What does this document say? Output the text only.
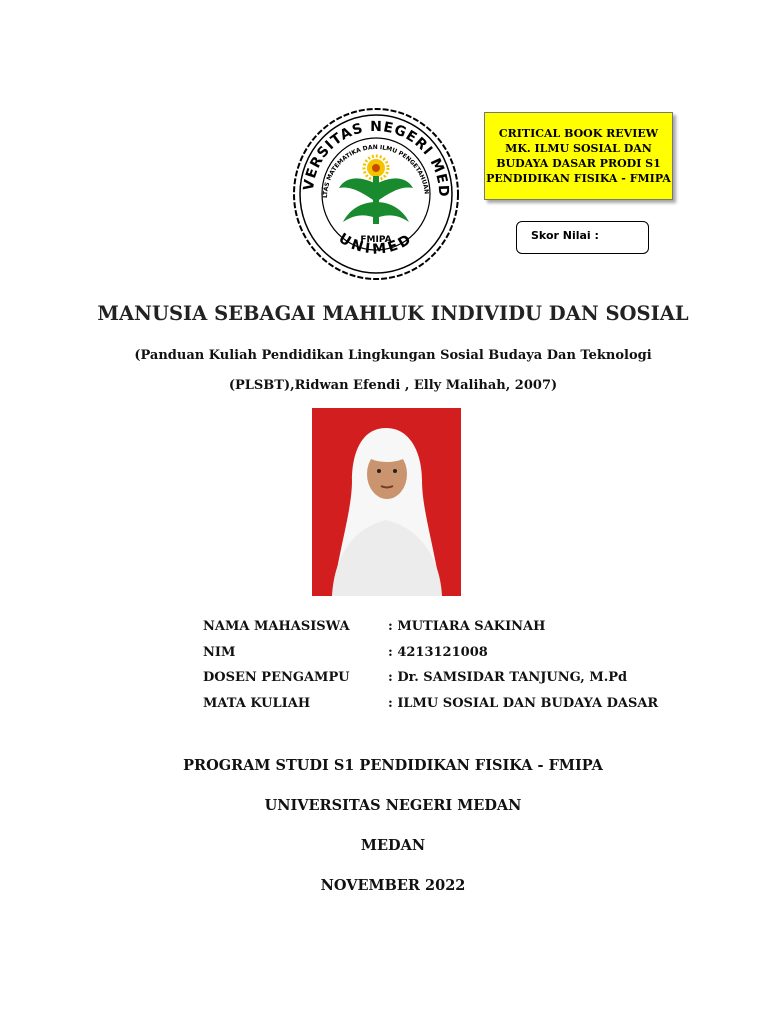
VERSITAS NEGERI MED
LTAS MATEMATIKA DAN ILMU PENGETAHUAN
UNIMED
FMIPA
CRITICAL BOOK REVIEW
MK. ILMU SOSIAL DAN
BUDAYA DASAR PRODI S1
PENDIDIKAN FISIKA - FMIPA
Skor Nilai :
MANUSIA SEBAGAI MAHLUK INDIVIDU DAN SOSIAL
(Panduan Kuliah Pendidikan Lingkungan Sosial Budaya Dan Teknologi
(PLSBT),Ridwan Efendi , Elly Malihah, 2007)
NAMA MAHASISWA	: MUTIARA SAKINAH
NIM	: 4213121008
DOSEN PENGAMPU	: Dr. SAMSIDAR TANJUNG, M.Pd
MATA KULIAH	: ILMU SOSIAL DAN BUDAYA DASAR
PROGRAM STUDI S1 PENDIDIKAN FISIKA - FMIPA
UNIVERSITAS NEGERI MEDAN
MEDAN
NOVEMBER 2022
